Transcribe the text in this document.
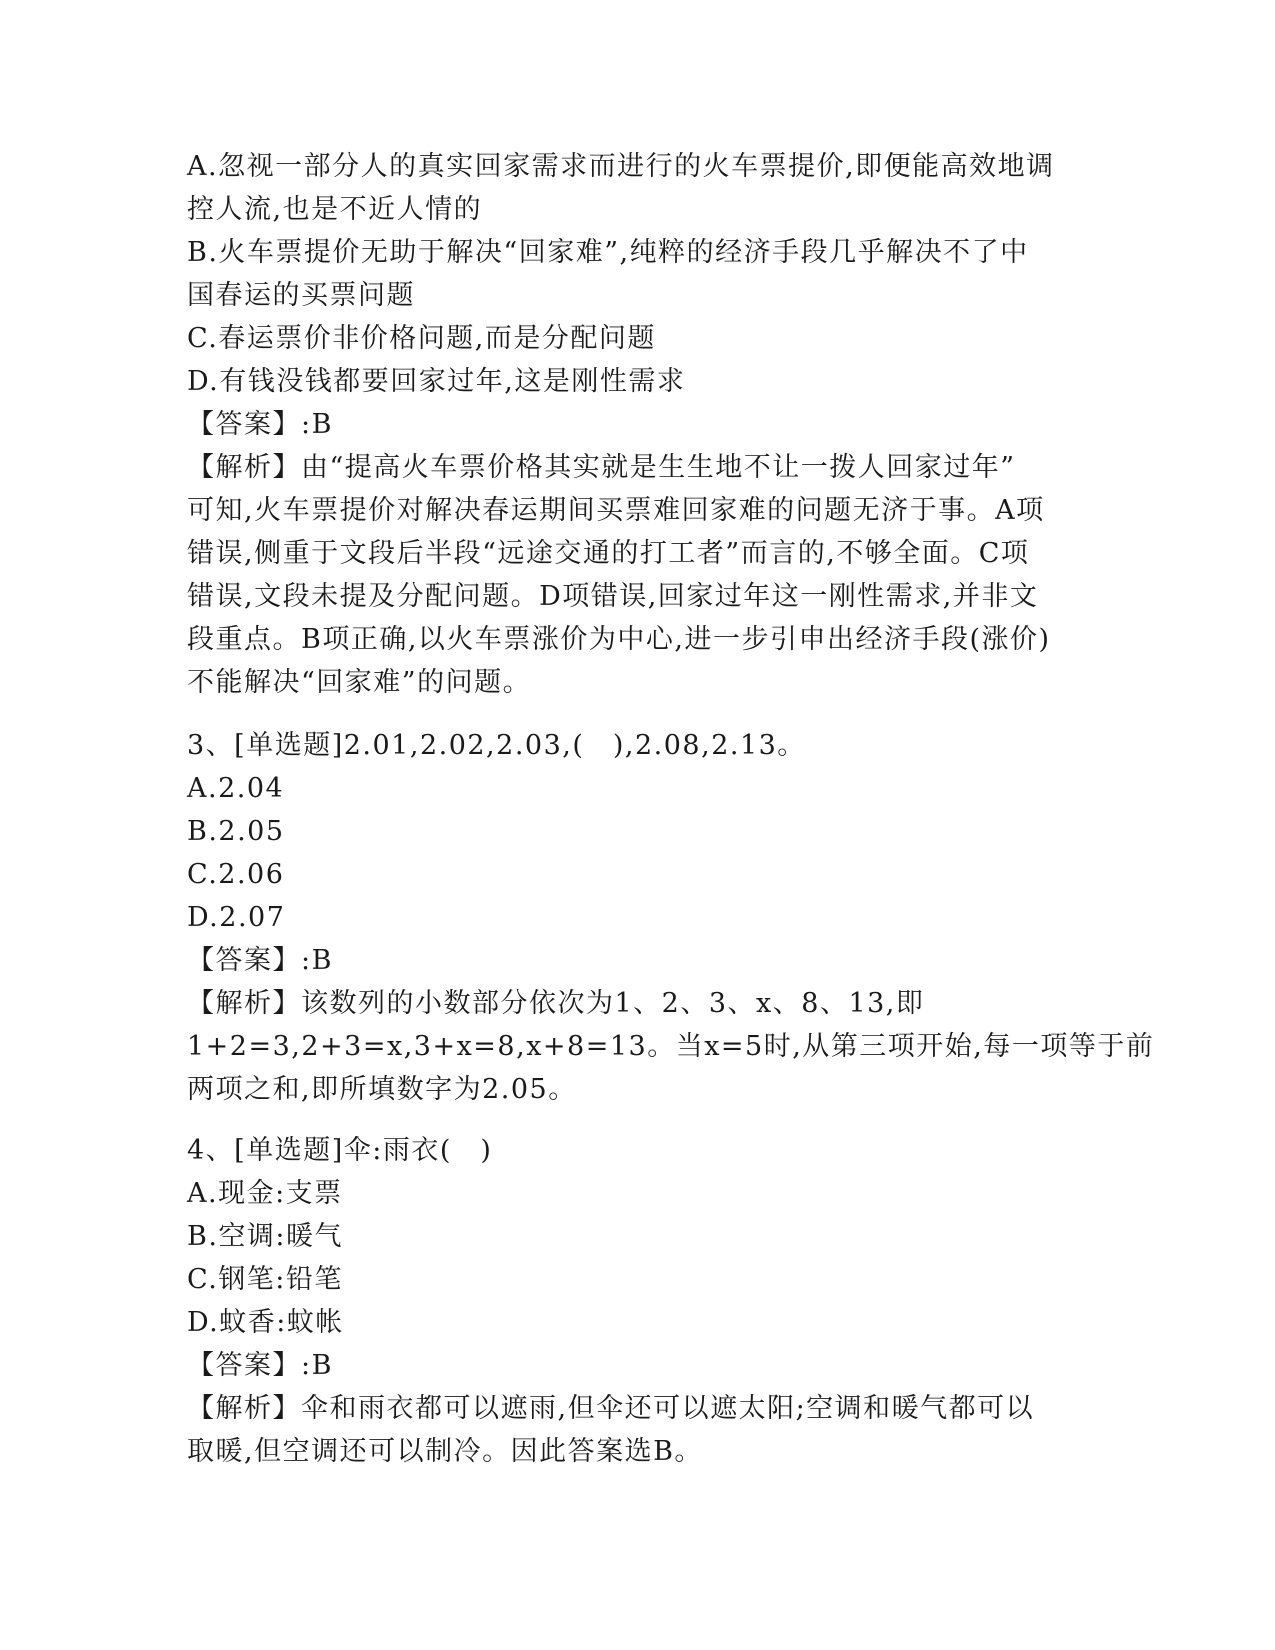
A.忽视一部分人的真实回家需求而进行的火车票提价,即便能高效地调
控人流,也是不近人情的
B.火车票提价无助于解决“回家难”,纯粹的经济手段几乎解决不了中
国春运的买票问题
C.春运票价非价格问题,而是分配问题
D.有钱没钱都要回家过年,这是刚性需求
【答案】:B
【解析】由“提高火车票价格其实就是生生地不让一拨人回家过年”
可知,火车票提价对解决春运期间买票难回家难的问题无济于事。A项
错误,侧重于文段后半段“远途交通的打工者”而言的,不够全面。C项
错误,文段未提及分配问题。D项错误,回家过年这一刚性需求,并非文
段重点。B项正确,以火车票涨价为中心,进一步引申出经济手段(涨价)
不能解决“回家难”的问题。
3、[单选题]2.01,2.02,2.03,(　),2.08,2.13。
A.2.04
B.2.05
C.2.06
D.2.07
【答案】:B
【解析】该数列的小数部分依次为1、2、3、x、8、13,即
1+2=3,2+3=x,3+x=8,x+8=13。当x=5时,从第三项开始,每一项等于前
两项之和,即所填数字为2.05。
4、[单选题]伞:雨衣(　)
A.现金:支票
B.空调:暖气
C.钢笔:铅笔
D.蚊香:蚊帐
【答案】:B
【解析】伞和雨衣都可以遮雨,但伞还可以遮太阳;空调和暖气都可以
取暖,但空调还可以制冷。因此答案选B。
